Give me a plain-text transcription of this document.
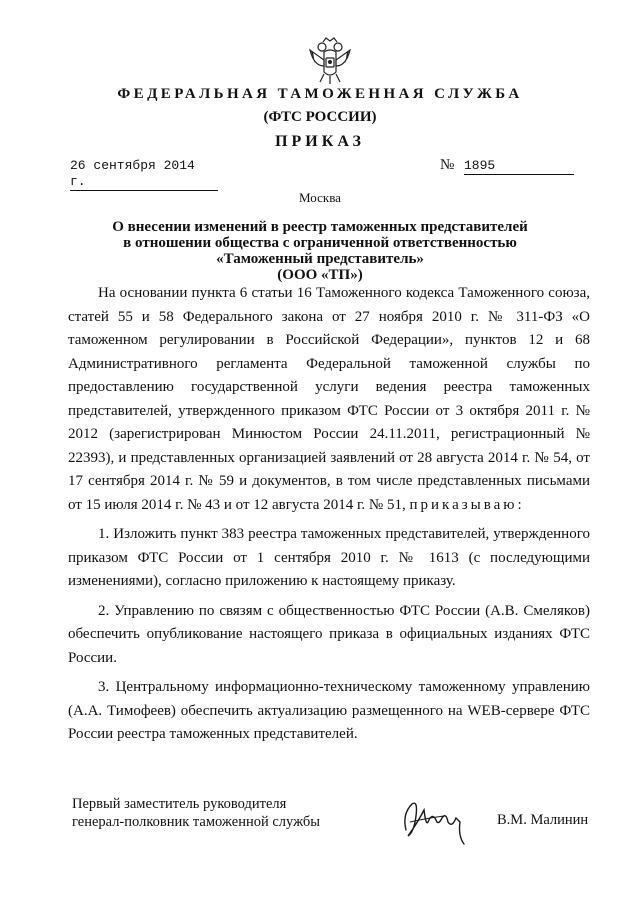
ФЕДЕРАЛЬНАЯ ТАМОЖЕННАЯ СЛУЖБА
(ФТС РОССИИ)
ПРИКАЗ
26 сентября 2014 г.
№ 1895
Москва
О внесении изменений в реестр таможенных представителей
в отношении общества с ограниченной ответственностью
«Таможенный представитель»
(ООО «ТП»)

На основании пункта 6 статьи 16 Таможенного кодекса Таможенного союза, статей 55 и 58 Федерального закона от 27 ноября 2010 г. № 311-ФЗ «О таможенном регулировании в Российской Федерации», пунктов 12 и 68 Административного регламента Федеральной таможенной службы по предоставлению государственной услуги ведения реестра таможенных представителей, утвержденного приказом ФТС России от 3 октября 2011 г. № 2012 (зарегистрирован Минюстом России 24.11.2011, регистрационный № 22393), и представленных организацией заявлений от 28 августа 2014 г. № 54, от 17 сентября 2014 г. № 59 и документов, в том числе представленных письмами от 15 июля 2014 г. № 43 и от 12 августа 2014 г. № 51, приказываю:

1. Изложить пункт 383 реестра таможенных представителей, утвержденного приказом ФТС России от 1 сентября 2010 г. № 1613 (с последующими изменениями), согласно приложению к настоящему приказу.

2. Управлению по связям с общественностью ФТС России (А.В. Смеляков) обеспечить опубликование настоящего приказа в официальных изданиях ФТС России.

3. Центральному информационно-техническому таможенному управлению (А.А. Тимофеев) обеспечить актуализацию размещенного на WEB-сервере ФТС России реестра таможенных представителей.

Первый заместитель руководителя
генерал-полковник таможенной службы	В.М. Малинин
